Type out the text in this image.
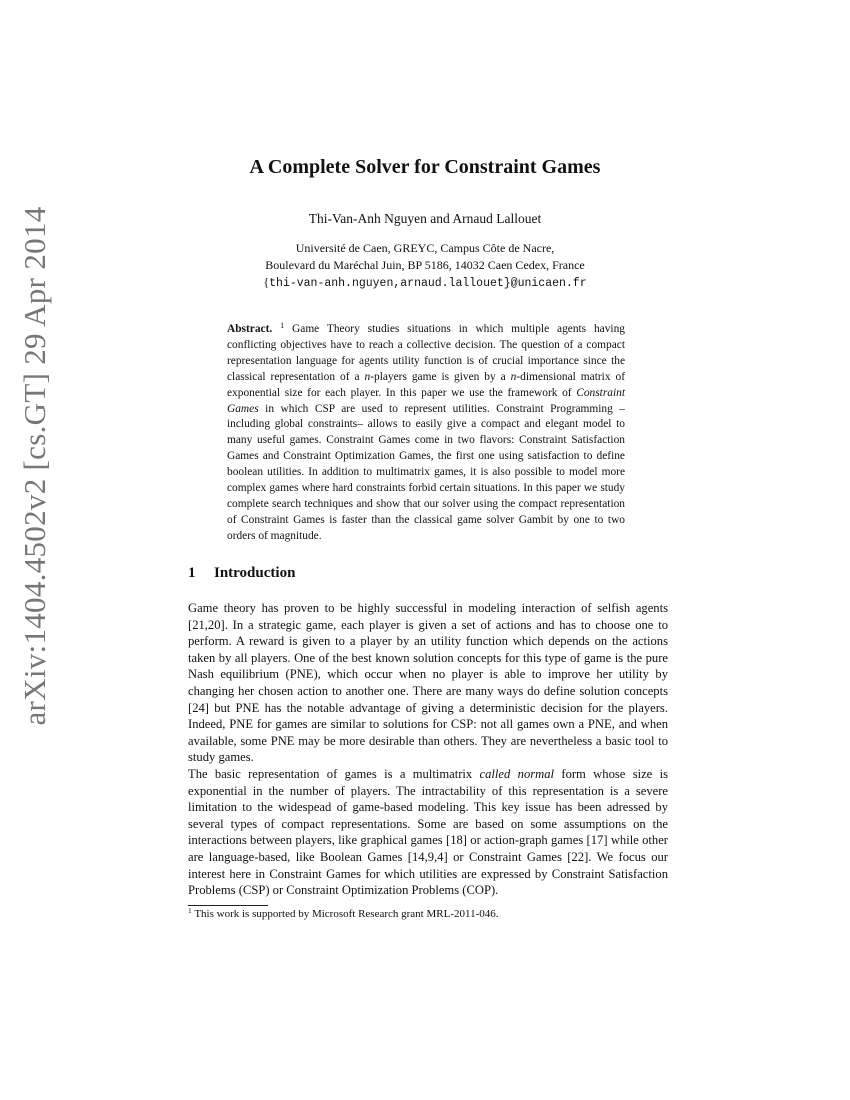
arXiv:1404.4502v2 [cs.GT] 29 Apr 2014
A Complete Solver for Constraint Games
Thi-Van-Anh Nguyen and Arnaud Lallouet
Université de Caen, GREYC, Campus Côte de Nacre,
Boulevard du Maréchal Juin, BP 5186, 14032 Caen Cedex, France
{thi-van-anh.nguyen,arnaud.lallouet}@unicaen.fr
Abstract. $^1$ Game Theory studies situations in which multiple agents having conflicting objectives have to reach a collective decision. The question of a compact representation language for agents utility function is of crucial importance since the classical representation of a n-players game is given by a n-dimensional matrix of exponential size for each player. In this paper we use the framework of Constraint Games in which CSP are used to represent utilities. Constraint Programming –including global constraints– allows to easily give a compact and elegant model to many useful games. Constraint Games come in two flavors: Constraint Satisfaction Games and Constraint Optimization Games, the first one using satisfaction to define boolean utilities. In addition to multimatrix games, it is also possible to model more complex games where hard constraints forbid certain situations. In this paper we study complete search techniques and show that our solver using the compact representation of Constraint Games is faster than the classical game solver Gambit by one to two orders of magnitude.
1 Introduction

Game theory has proven to be highly successful in modeling interaction of selfish agents [21,20]. In a strategic game, each player is given a set of actions and has to choose one to perform. A reward is given to a player by an utility function which depends on the actions taken by all players. One of the best known solution concepts for this type of game is the pure Nash equilibrium (PNE), which occur when no player is able to improve her utility by changing her chosen action to another one. There are many ways do define solution concepts [24] but PNE has the notable advantage of giving a deterministic decision for the players. Indeed, PNE for games are similar to solutions for CSP: not all games own a PNE, and when available, some PNE may be more desirable than others. They are nevertheless a basic tool to study games.

The basic representation of games is a multimatrix called normal form whose size is exponential in the number of players. The intractability of this representation is a severe limitation to the widespead of game-based modeling. This key issue has been adressed by several types of compact representations. Some are based on some assumptions on the interactions between players, like graphical games [18] or action-graph games [17] while other are language-based, like Boolean Games [14,9,4] or Constraint Games [22]. We focus our interest here in Constraint Games for which utilities are expressed by Constraint Satisfaction Problems (CSP) or Constraint Optimization Problems (COP).

$^1$ This work is supported by Microsoft Research grant MRL-2011-046.
